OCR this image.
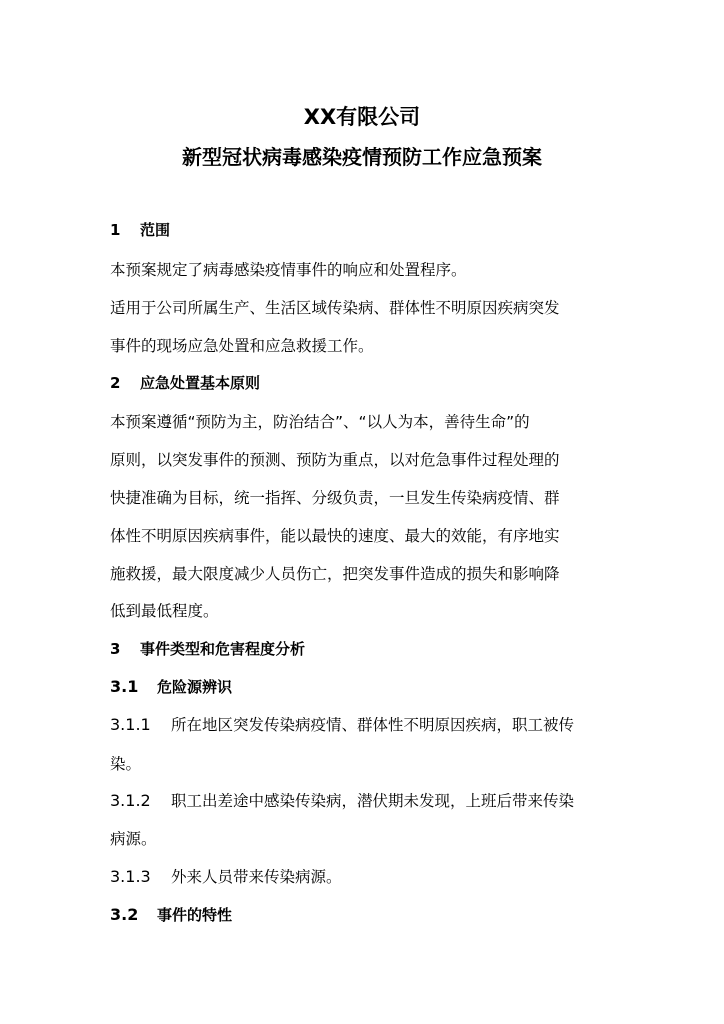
XX有限公司
新型冠状病毒感染疫情预防工作应急预案
1 范围
本预案规定了病毒感染疫情事件的响应和处置程序。
适用于公司所属生产、生活区域传染病、群体性不明原因疾病突发
事件的现场应急处置和应急救援工作。
2 应急处置基本原则
本预案遵循“预防为主，防治结合”、“以人为本，善待生命”的
原则，以突发事件的预测、预防为重点，以对危急事件过程处理的
快捷准确为目标，统一指挥、分级负责，一旦发生传染病疫情、群
体性不明原因疾病事件，能以最快的速度、最大的效能，有序地实
施救援，最大限度减少人员伤亡，把突发事件造成的损失和影响降
低到最低程度。
3 事件类型和危害程度分析
3.1 危险源辨识
3.1.1 所在地区突发传染病疫情、群体性不明原因疾病，职工被传
染。
3.1.2 职工出差途中感染传染病，潜伏期未发现，上班后带来传染
病源。
3.1.3 外来人员带来传染病源。
3.2 事件的特性
